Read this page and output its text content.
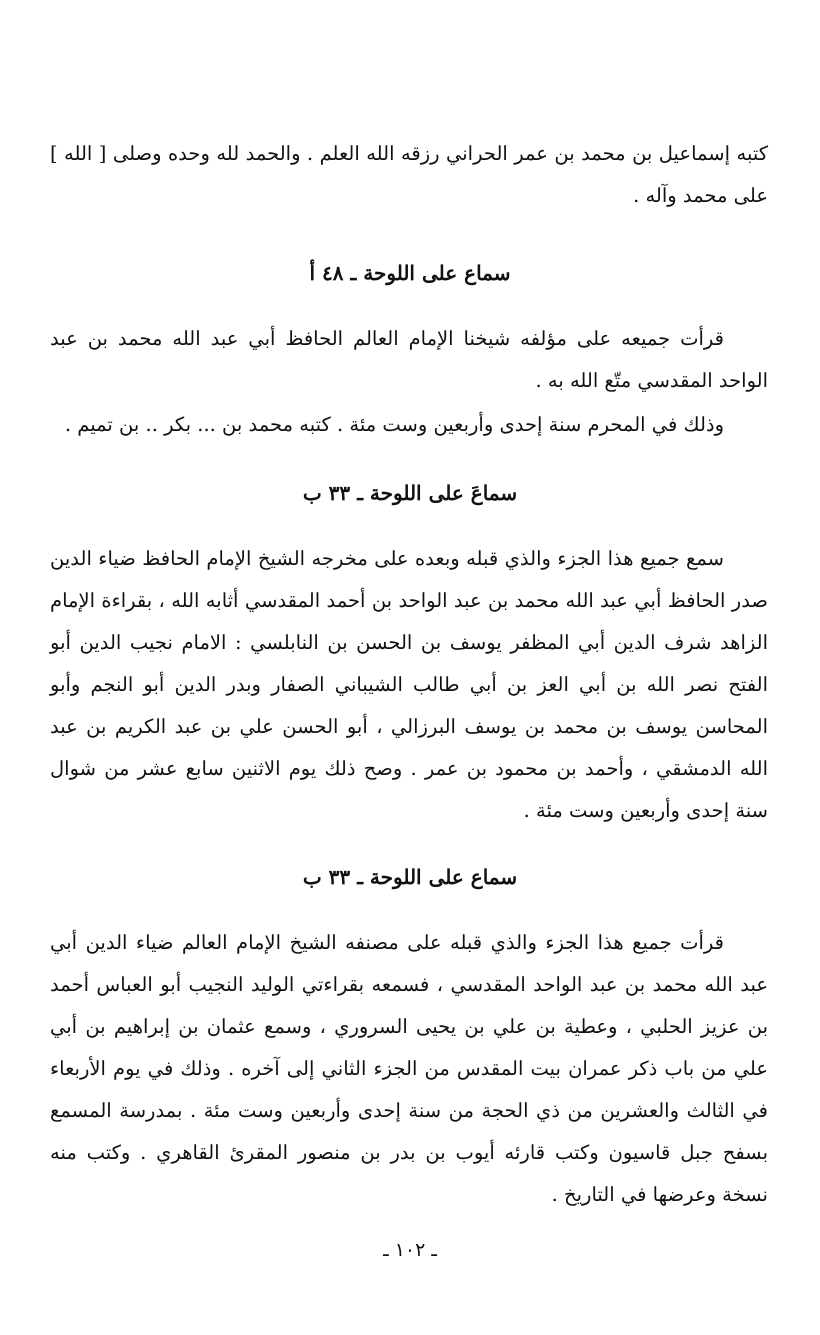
كتبه إسماعيل بن محمد بن عمر الحراني رزقه الله العلم . والحمد لله وحده وصلى [ الله ] على محمد وآله .

سماع على اللوحة ـ ٤٨ أ

قرأت جميعه على مؤلفه شيخنا الإمام العالم الحافظ أبي عبد الله محمد بن عبد الواحد المقدسي متّع الله به .

وذلك في المحرم سنة إحدى وأربعين وست مئة . كتبه محمد بن ... بكر .. بن تميم .

سماعَ على اللوحة ـ ٣٣ ب

سمع جميع هذا الجزء والذي قبله وبعده على مخرجه الشيخ الإمام الحافظ ضياء الدين صدر الحافظ أبي عبد الله محمد بن عبد الواحد بن أحمد المقدسي أثابه الله ، بقراءة الإمام الزاهد شرف الدين أبي المظفر يوسف بن الحسن بن النابلسي : الامام نجيب الدين أبو الفتح نصر الله بن أبي العز بن أبي طالب الشيباني الصفار وبدر الدين أبو النجم وأبو المحاسن يوسف بن محمد بن يوسف البرزالي ، أبو الحسن علي بن عبد الكريم بن عبد الله الدمشقي ، وأحمد بن محمود بن عمر . وصح ذلك يوم الاثنين سابع عشر من شوال سنة إحدى وأربعين وست مئة .

سماع على اللوحة ـ ٣٣ ب

قرأت جميع هذا الجزء والذي قبله على مصنفه الشيخ الإمام العالم ضياء الدين أبي عبد الله محمد بن عبد الواحد المقدسي ، فسمعه بقراءتي الوليد النجيب أبو العباس أحمد بن عزيز الحلبي ، وعطية بن علي بن يحيى السروري ، وسمع عثمان بن إبراهيم بن أبي علي من باب ذكر عمران بيت المقدس من الجزء الثاني إلى آخره . وذلك في يوم الأربعاء في الثالث والعشرين من ذي الحجة من سنة إحدى وأربعين وست مئة . بمدرسة المسمع بسفح جبل قاسيون وكتب قارئه أيوب بن بدر بن منصور المقرئ القاهري . وكتب منه نسخة وعرضها في التاريخ .

ـ ١٠٢ ـ
